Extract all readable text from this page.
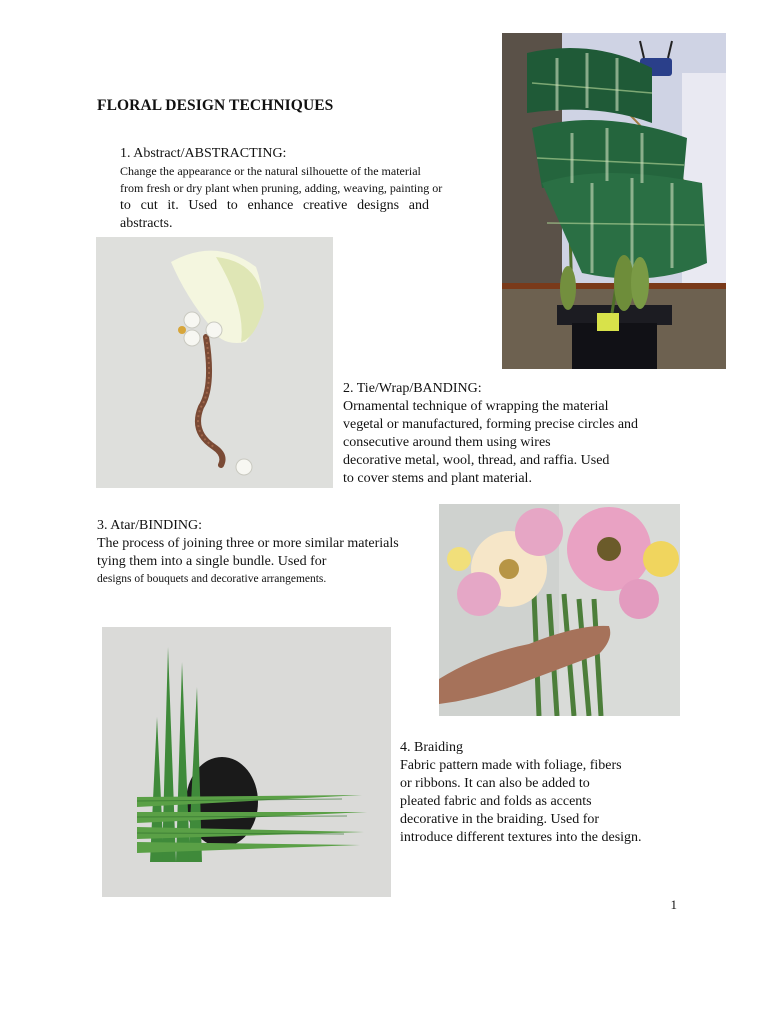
FLORAL DESIGN TECHNIQUES
1. Abstract/ABSTRACTING:
Change the appearance or the natural silhouette of the material
from fresh or dry plant when pruning, adding, weaving, painting or
to cut it. Used to enhance creative designs and
abstracts.
2. Tie/Wrap/BANDING:
Ornamental technique of wrapping the material
vegetal or manufactured, forming precise circles and
consecutive around them using wires
decorative metal, wool, thread, and raffia. Used
to cover stems and plant material.
3. Atar/BINDING:
The process of joining three or more similar materials
tying them into a single bundle. Used for
designs of bouquets and decorative arrangements.
4. Braiding
Fabric pattern made with foliage, fibers
or ribbons. It can also be added to
pleated fabric and folds as accents
decorative in the braiding. Used for
introduce different textures into the design.
1
